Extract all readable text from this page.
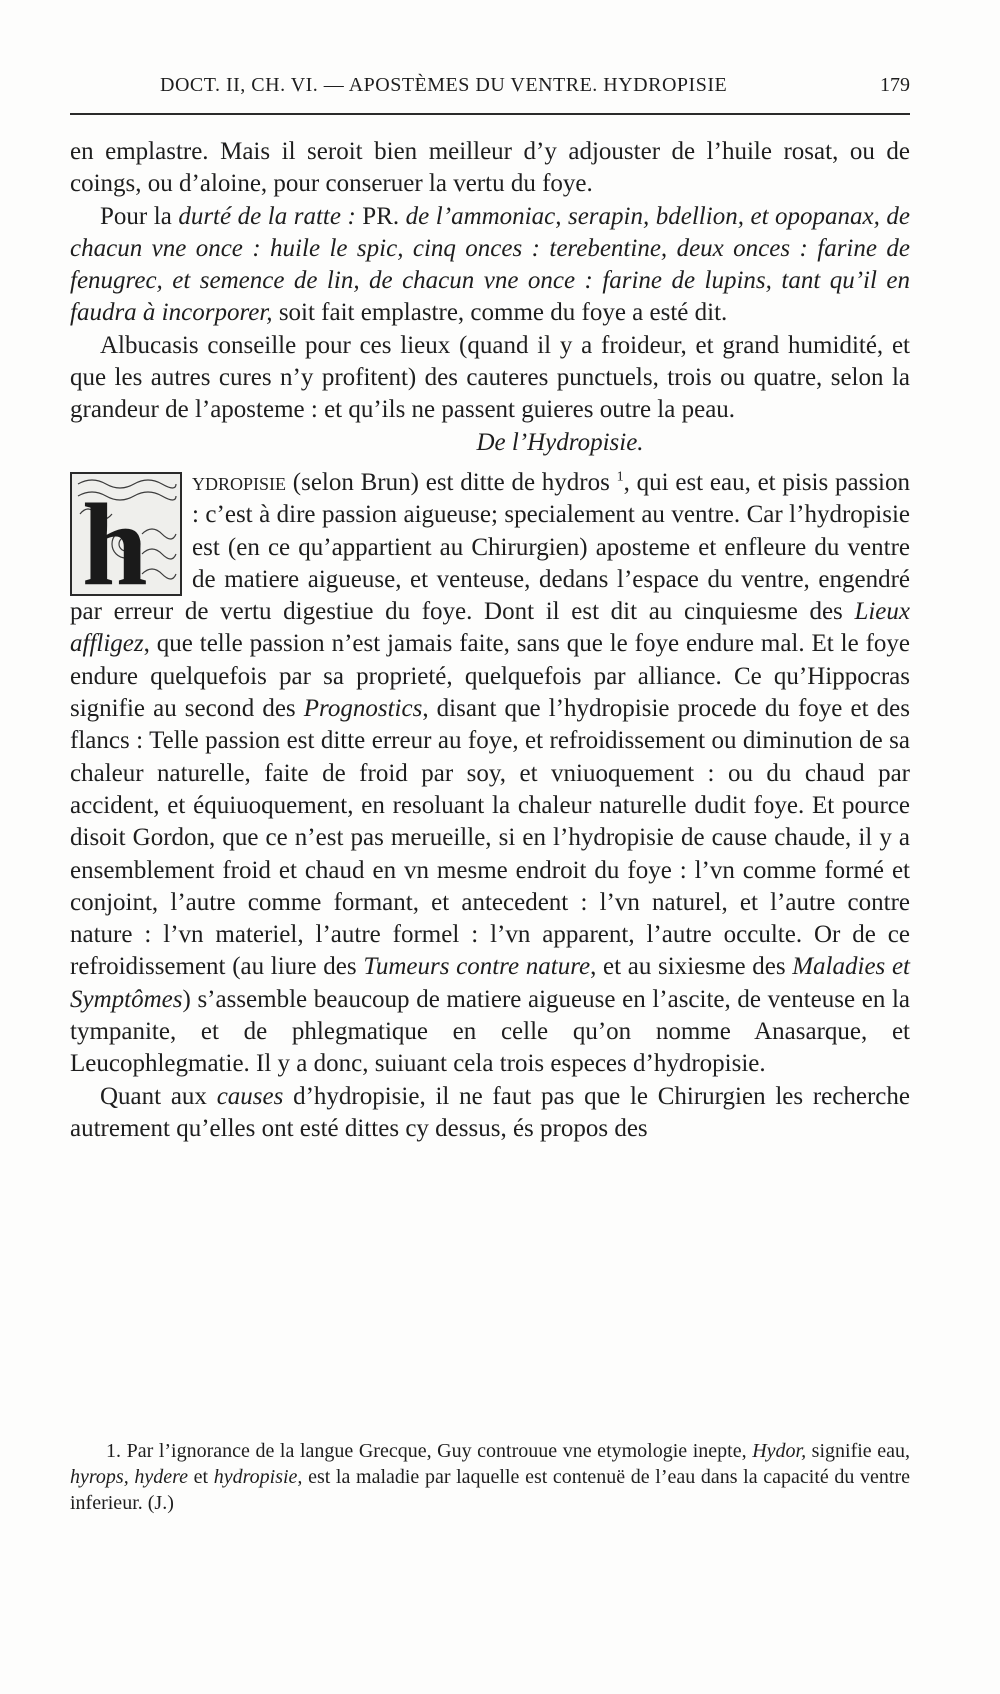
DOCT. II, CH. VI. — APOSTÈMES DU VENTRE. HYDROPISIE	179

en emplastre. Mais il seroit bien meilleur d’y adjouster de l’huile rosat, ou de coings, ou d’aloine, pour conseruer la vertu du foye.

Pour la durté de la ratte : PR. de l’ammoniac, serapin, bdellion, et opopanax, de chacun vne once : huile le spic, cinq onces : terebentine, deux onces : farine de fenugrec, et semence de lin, de chacun vne once : farine de lupins, tant qu’il en faudra à incorporer, soit fait emplastre, comme du foye a esté dit.

Albucasis conseille pour ces lieux (quand il y a froideur, et grand humidité, et que les autres cures n’y profitent) des cauteres punctuels, trois ou quatre, selon la grandeur de l’aposteme : et qu’ils ne passent guieres outre la peau.

De l’Hydropisie.

h ydropisie (selon Brun) est ditte de hydros $^1$, qui est eau, et pisis passion : c’est à dire passion aigueuse; specialement au ventre. Car l’hydropisie est (en ce qu’appartient au Chirurgien) aposteme et enfleure du ventre de matiere aigueuse, et venteuse, dedans l’espace du ventre, engendré par erreur de vertu digestiue du foye. Dont il est dit au cinquiesme des Lieux affligez, que telle passion n’est jamais faite, sans que le foye endure mal. Et le foye endure quelquefois par sa proprieté, quelquefois par alliance. Ce qu’Hippocras signifie au second des Prognostics, disant que l’hydropisie procede du foye et des flancs : Telle passion est ditte erreur au foye, et refroidissement ou diminution de sa chaleur naturelle, faite de froid par soy, et vniuoquement : ou du chaud par accident, et équiuoquement, en resoluant la chaleur naturelle dudit foye. Et pource disoit Gordon, que ce n’est pas merueille, si en l’hydropisie de cause chaude, il y a ensemblement froid et chaud en vn mesme endroit du foye : l’vn comme formé et conjoint, l’autre comme formant, et antecedent : l’vn naturel, et l’autre contre nature : l’vn materiel, l’autre formel : l’vn apparent, l’autre occulte. Or de ce refroidissement (au liure des Tumeurs contre nature, et au sixiesme des Maladies et Symptômes) s’assemble beaucoup de matiere aigueuse en l’ascite, de venteuse en la tympanite, et de phlegmatique en celle qu’on nomme Anasarque, et Leucophlegmatie. Il y a donc, suiuant cela trois especes d’hydropisie.

Quant aux causes d’hydropisie, il ne faut pas que le Chirurgien les recherche autrement qu’elles ont esté dittes cy dessus, és propos des

1. Par l’ignorance de la langue Grecque, Guy controuue vne etymologie inepte, Hydor, signifie eau, hyrops, hydere et hydropisie, est la maladie par laquelle est contenuë de l’eau dans la capacité du ventre inferieur. (J.)
